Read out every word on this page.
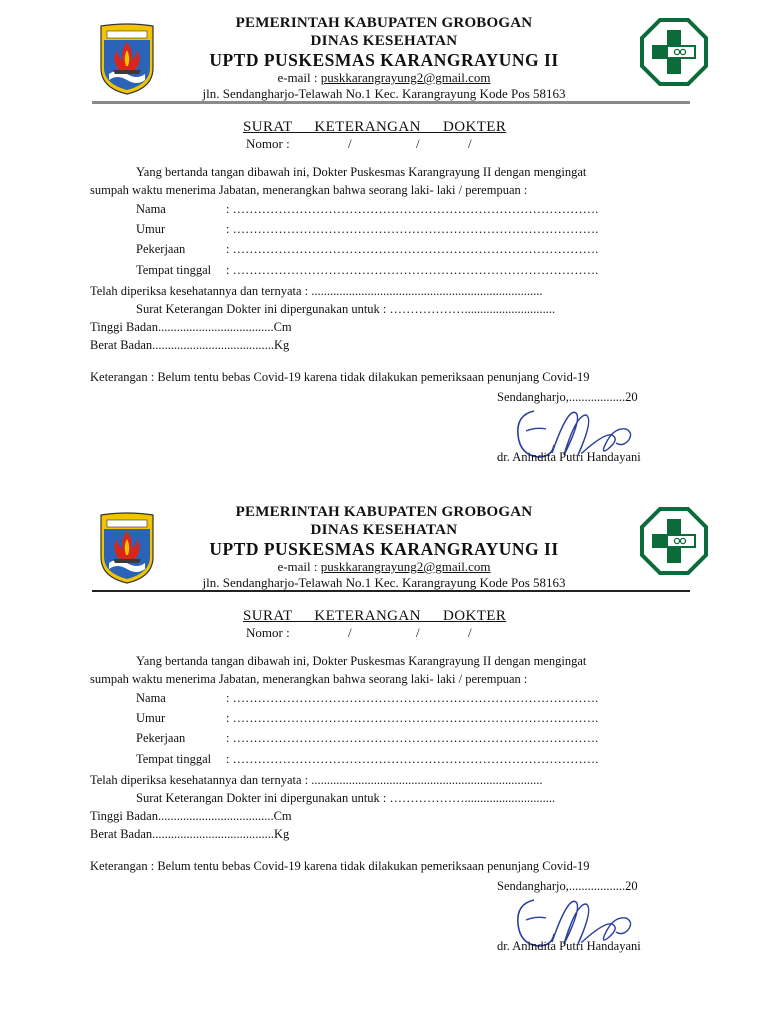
PEMERINTAH KABUPATEN GROBOGAN
DINAS KESEHATAN
UPTD PUSKESMAS KARANGRAYUNG II
e-mail : puskkarangrayung2@gmail.com
jln. Sendangharjo-Telawah No.1 Kec. Karangrayung Kode Pos 58163
SURAT KETERANGAN DOKTER
Nomor :	/	/	/
Yang bertanda tangan dibawah ini, Dokter Puskesmas Karangrayung II dengan mengingat
sumpah waktu menerima Jabatan, menerangkan bahwa seorang laki- laki / perempuan :
Nama	: …………………………………………………………………………….
Umur	: …………………………………………………………………………….
Pekerjaan	: …………………………………………………………………………….
Tempat tinggal : …………………………………………………………………………….
Telah diperiksa kesehatannya dan ternyata : ..........................................................................
Surat Keterangan Dokter ini dipergunakan untuk : ……………….............................
Tinggi Badan.....................................Cm
Berat Badan.......................................Kg
Keterangan : Belum tentu bebas Covid-19 karena tidak dilakukan pemeriksaan penunjang Covid-19
Sendangharjo,..................20
dr. Anindita Putri Handayani
PEMERINTAH KABUPATEN GROBOGAN
DINAS KESEHATAN
UPTD PUSKESMAS KARANGRAYUNG II
e-mail : puskkarangrayung2@gmail.com
jln. Sendangharjo-Telawah No.1 Kec. Karangrayung Kode Pos 58163
SURAT KETERANGAN DOKTER
Nomor :	/	/	/
Yang bertanda tangan dibawah ini, Dokter Puskesmas Karangrayung II dengan mengingat
sumpah waktu menerima Jabatan, menerangkan bahwa seorang laki- laki / perempuan :
Nama	: …………………………………………………………………………….
Umur	: …………………………………………………………………………….
Pekerjaan	: …………………………………………………………………………….
Tempat tinggal : …………………………………………………………………………….
Telah diperiksa kesehatannya dan ternyata : ..........................................................................
Surat Keterangan Dokter ini dipergunakan untuk : ……………….............................
Tinggi Badan.....................................Cm
Berat Badan.......................................Kg
Keterangan : Belum tentu bebas Covid-19 karena tidak dilakukan pemeriksaan penunjang Covid-19
Sendangharjo,..................20
dr. Anindita Putri Handayani
